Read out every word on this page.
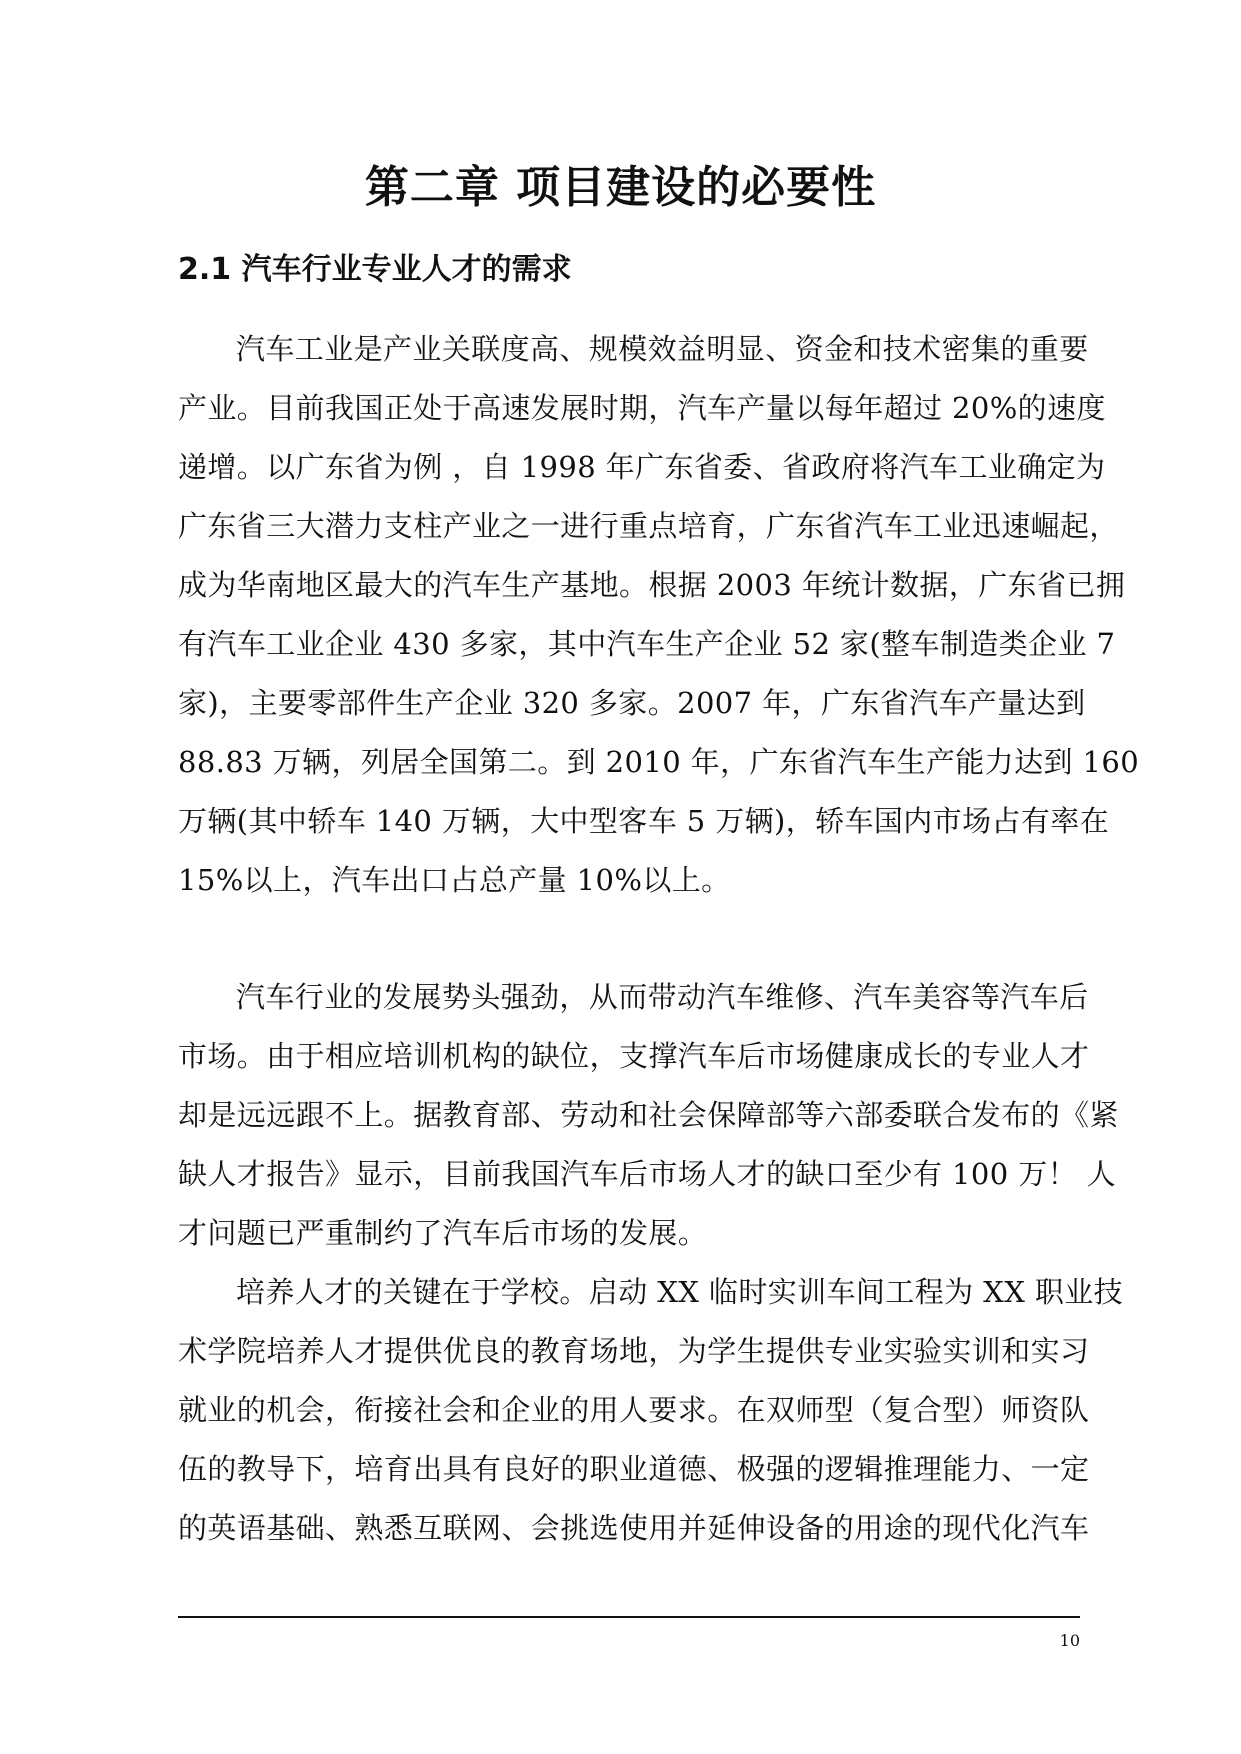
第二章 项目建设的必要性
2.1 汽车行业专业人才的需求
汽车工业是产业关联度高、规模效益明显、资金和技术密集的重要
产业。目前我国正处于高速发展时期，汽车产量以每年超过 20%的速度
递增。以广东省为例 ，自 1998 年广东省委、省政府将汽车工业确定为
广东省三大潜力支柱产业之一进行重点培育，广东省汽车工业迅速崛起，
成为华南地区最大的汽车生产基地。根据 2003 年统计数据，广东省已拥
有汽车工业企业 430 多家，其中汽车生产企业 52 家(整车制造类企业 7
家)，主要零部件生产企业 320 多家。2007 年，广东省汽车产量达到
88.83 万辆，列居全国第二。到 2010 年，广东省汽车生产能力达到 160
万辆(其中轿车 140 万辆，大中型客车 5 万辆)，轿车国内市场占有率在
15%以上，汽车出口占总产量 10%以上。
汽车行业的发展势头强劲，从而带动汽车维修、汽车美容等汽车后
市场。由于相应培训机构的缺位，支撑汽车后市场健康成长的专业人才
却是远远跟不上。据教育部、劳动和社会保障部等六部委联合发布的《紧
缺人才报告》显示，目前我国汽车后市场人才的缺口至少有 100 万！ 人
才问题已严重制约了汽车后市场的发展。
培养人才的关键在于学校。启动 XX 临时实训车间工程为 XX 职业技
术学院培养人才提供优良的教育场地，为学生提供专业实验实训和实习
就业的机会，衔接社会和企业的用人要求。在双师型（复合型）师资队
伍的教导下，培育出具有良好的职业道德、极强的逻辑推理能力、一定
的英语基础、熟悉互联网、会挑选使用并延伸设备的用途的现代化汽车
10
